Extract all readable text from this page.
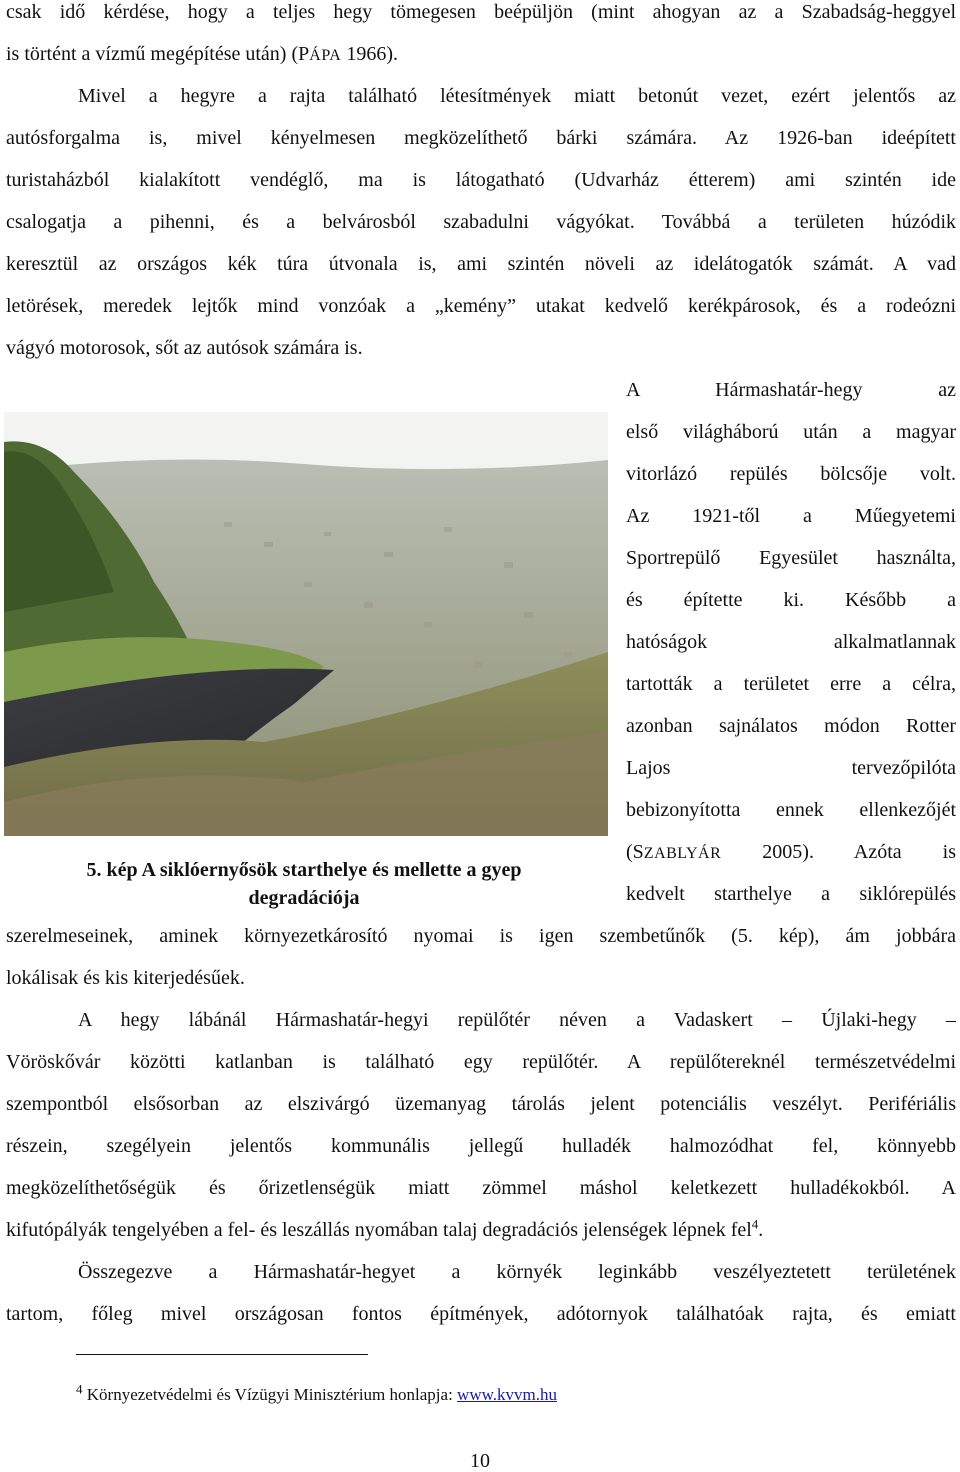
csak idő kérdése, hogy a teljes hegy tömegesen beépüljön (mint ahogyan az a Szabadság-heggyel
is történt a vízmű megépítése után) (PÁPA 1966).
Mivel a hegyre a rajta található létesítmények miatt betonút vezet, ezért jelentős az
autósforgalma is, mivel kényelmesen megközelíthető bárki számára. Az 1926-ban ideépített
turistaházból kialakított vendéglő, ma is látogatható (Udvarház étterem) ami szintén ide
csalogatja a pihenni, és a belvárosból szabadulni vágyókat. Továbbá a területen húzódik
keresztül az országos kék túra útvonala is, ami szintén növeli az idelátogatók számát. A vad
letörések, meredek lejtők mind vonzóak a „kemény” utakat kedvelő kerékpárosok, és a rodeózni
vágyó motorosok, sőt az autósok számára is.
A Hármashatár-hegy az
első világháború után a magyar
vitorlázó repülés bölcsője volt.
Az 1921-től a Műegyetemi
Sportrepülő Egyesület használta,
és építette ki. Később a
hatóságok alkalmatlannak
tartották a területet erre a célra,
azonban sajnálatos módon Rotter
Lajos tervezőpilóta
bebizonyította ennek ellenkezőjét
(SZABLYÁR 2005). Azóta is
kedvelt starthelye a siklórepülés
5. kép A siklóernyősök starthelye és mellette a gyep
degradációja
szerelmeseinek, aminek környezetkárosító nyomai is igen szembetűnők (5. kép), ám jobbára
lokálisak és kis kiterjedésűek.
A hegy lábánál Hármashatár-hegyi repülőtér néven a Vadaskert – Újlaki-hegy –
Vöröskővár közötti katlanban is található egy repülőtér. A repülőtereknél természetvédelmi
szempontból elsősorban az elszivárgó üzemanyag tárolás jelent potenciális veszélyt. Perifériális
részein, szegélyein jelentős kommunális jellegű hulladék halmozódhat fel, könnyebb
megközelíthetőségük és őrizetlenségük miatt zömmel máshol keletkezett hulladékokból. A
kifutópályák tengelyében a fel- és leszállás nyomában talaj degradációs jelenségek lépnek fel$^4$.
Összegezve a Hármashatár-hegyet a környék leginkább veszélyeztetett területének
tartom, főleg mivel országosan fontos építmények, adótornyok találhatóak rajta, és emiatt
$^4$ Környezetvédelmi és Vízügyi Minisztérium honlapja: www.kvvm.hu
10
